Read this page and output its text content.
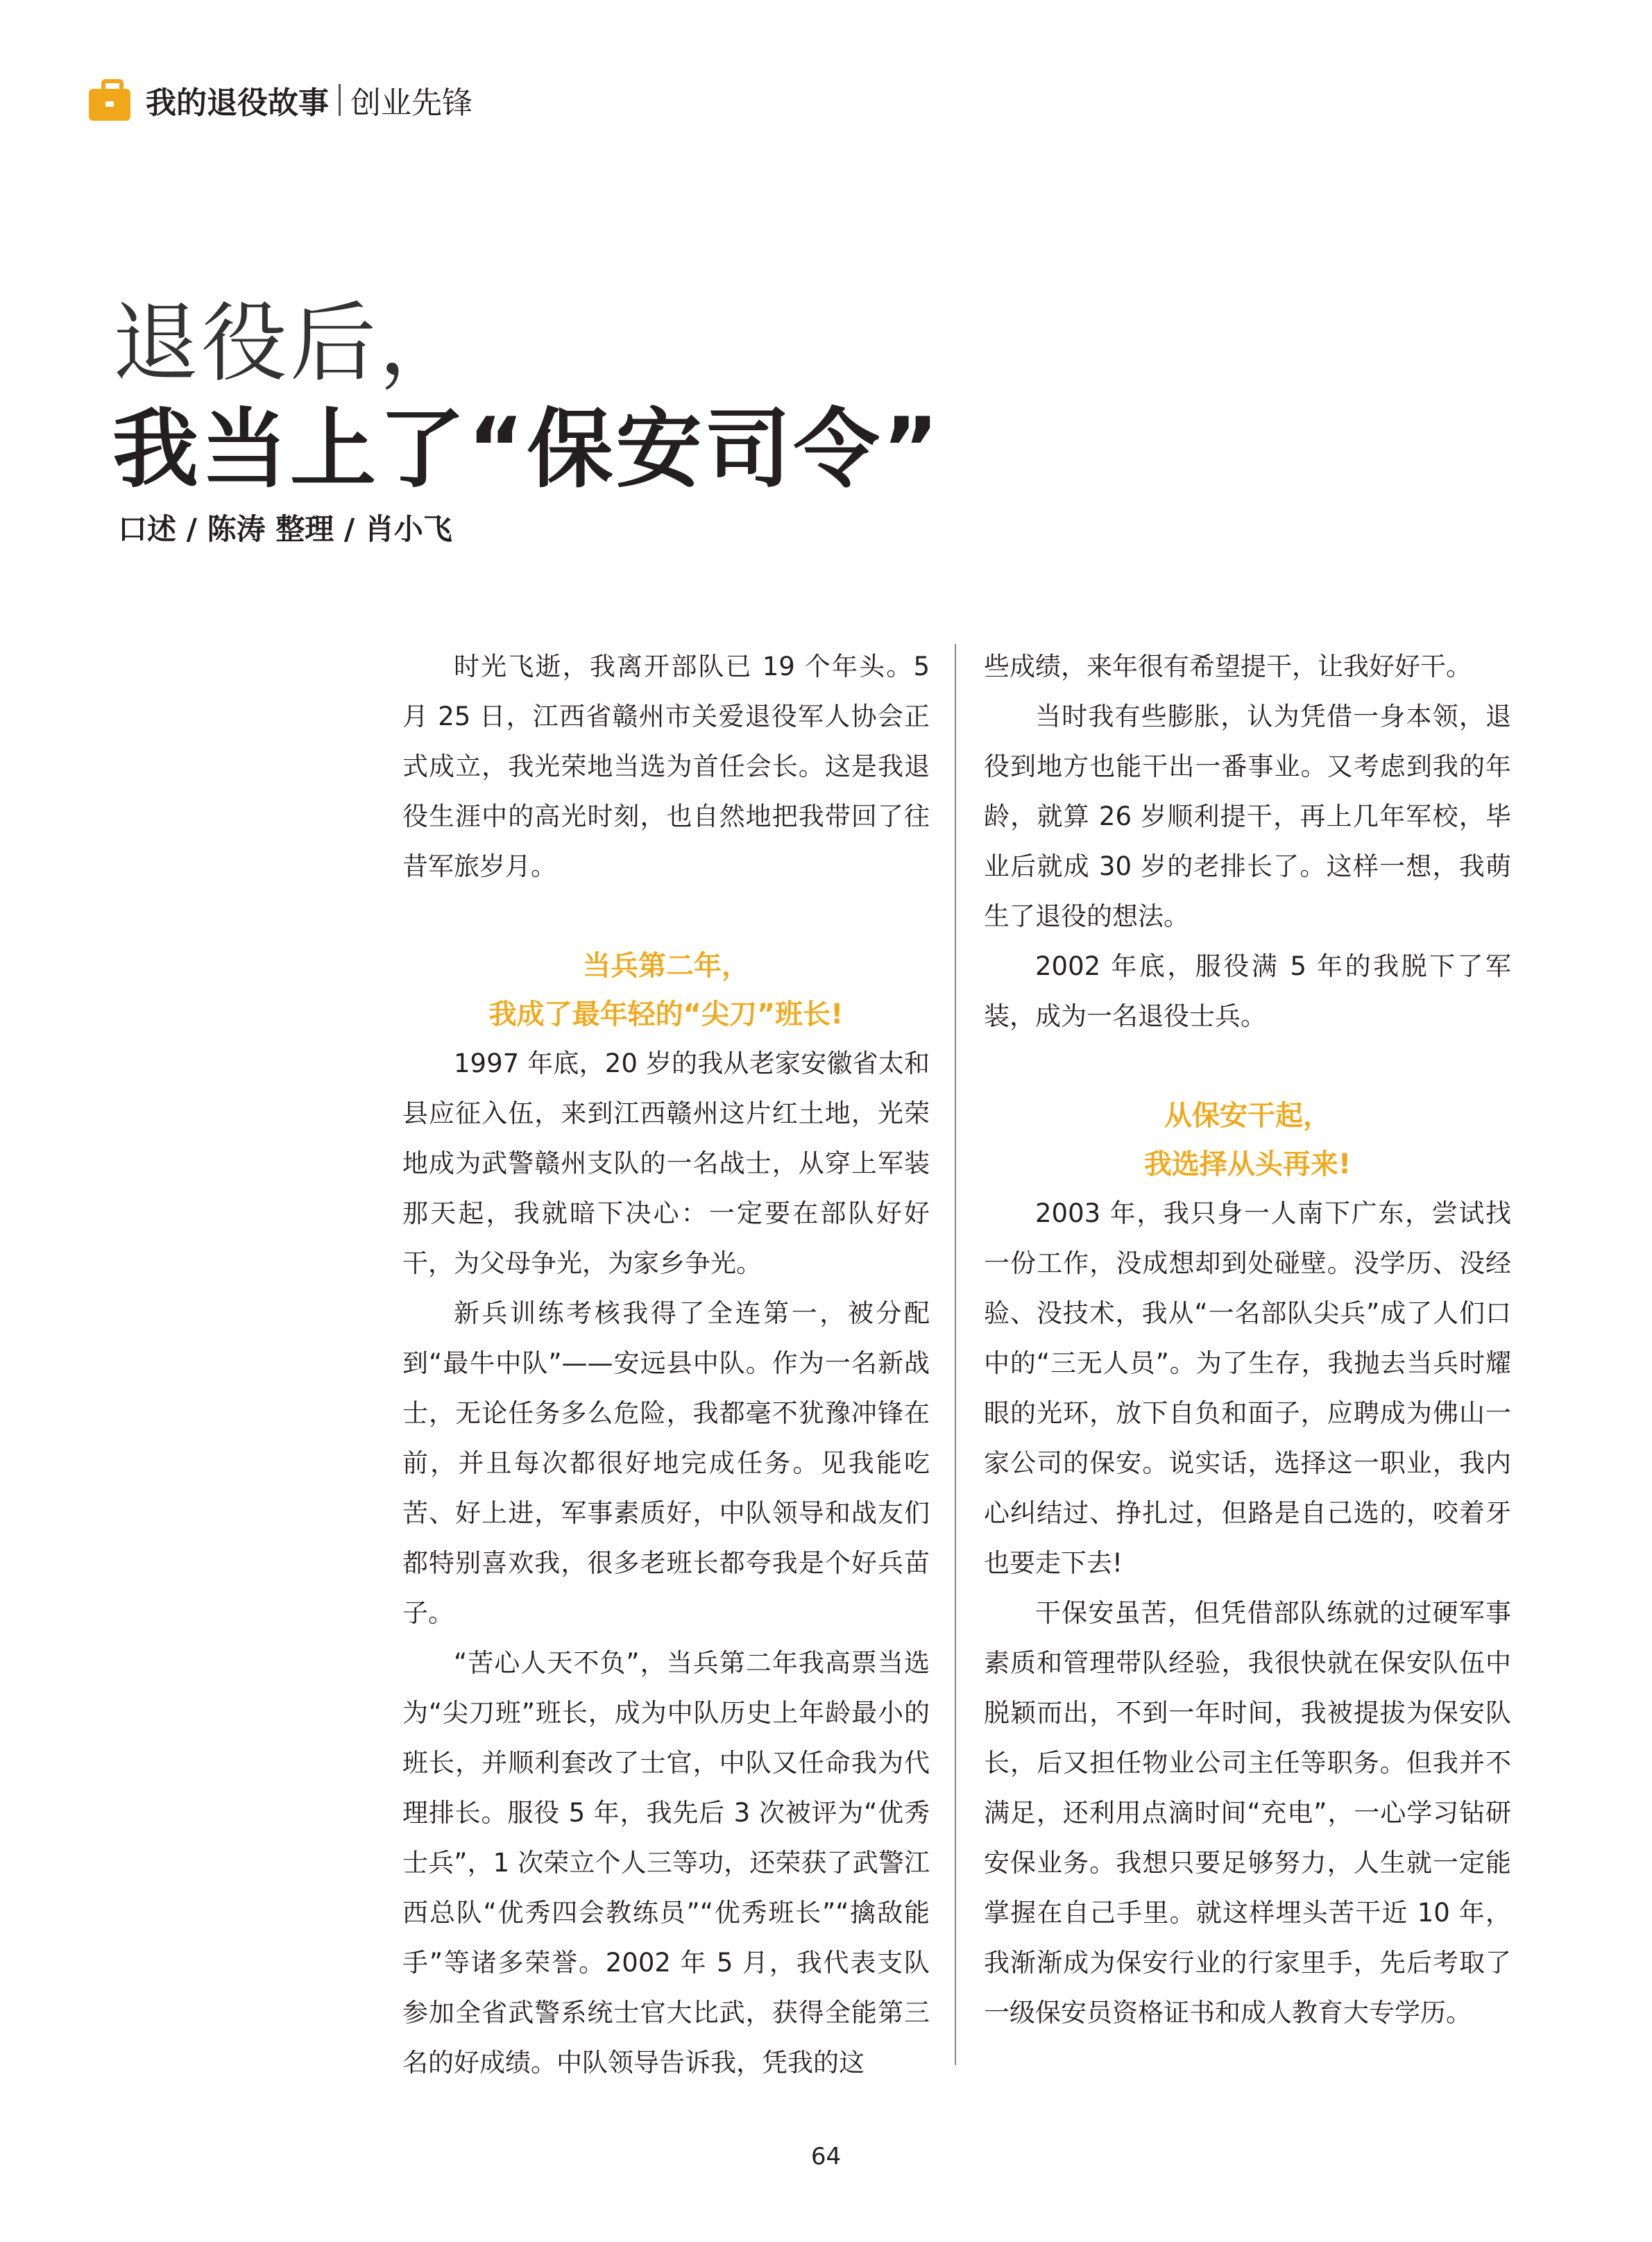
我的退役故事 创业先锋
退役后，
我当上了“保安司令”
口述 / 陈涛 整理 / 肖小飞

时光飞逝，我离开部队已 19 个年头。5 月 25 日，江西省赣州市关爱退役军人协会正式成立，我光荣地当选为首任会长。这是我退役生涯中的高光时刻，也自然地把我带回了往昔军旅岁月。

当兵第二年，
我成了最年轻的“尖刀”班长!

1997 年底，20 岁的我从老家安徽省太和县应征入伍，来到江西赣州这片红土地，光荣地成为武警赣州支队的一名战士，从穿上军装那天起，我就暗下决心：一定要在部队好好干，为父母争光，为家乡争光。

新兵训练考核我得了全连第一，被分配到“最牛中队”——安远县中队。作为一名新战士，无论任务多么危险，我都毫不犹豫冲锋在前，并且每次都很好地完成任务。见我能吃苦、好上进，军事素质好，中队领导和战友们都特别喜欢我，很多老班长都夸我是个好兵苗子。

“苦心人天不负”，当兵第二年我高票当选为“尖刀班”班长，成为中队历史上年龄最小的班长，并顺利套改了士官，中队又任命我为代理排长。服役 5 年，我先后 3 次被评为“优秀士兵”，1 次荣立个人三等功，还荣获了武警江西总队“优秀四会教练员”“优秀班长”“擒敌能手”等诸多荣誉。2002 年 5 月，我代表支队参加全省武警系统士官大比武，获得全能第三名的好成绩。中队领导告诉我，凭我的这

些成绩，来年很有希望提干，让我好好干。

当时我有些膨胀，认为凭借一身本领，退役到地方也能干出一番事业。又考虑到我的年龄，就算 26 岁顺利提干，再上几年军校，毕业后就成 30 岁的老排长了。这样一想，我萌生了退役的想法。

2002 年底，服役满 5 年的我脱下了军装，成为一名退役士兵。

从保安干起，
我选择从头再来!

2003 年，我只身一人南下广东，尝试找一份工作，没成想却到处碰壁。没学历、没经验、没技术，我从“一名部队尖兵”成了人们口中的“三无人员”。为了生存，我抛去当兵时耀眼的光环，放下自负和面子，应聘成为佛山一家公司的保安。说实话，选择这一职业，我内心纠结过、挣扎过，但路是自己选的，咬着牙也要走下去!

干保安虽苦，但凭借部队练就的过硬军事素质和管理带队经验，我很快就在保安队伍中脱颖而出，不到一年时间，我被提拔为保安队长，后又担任物业公司主任等职务。但我并不满足，还利用点滴时间“充电”，一心学习钻研安保业务。我想只要足够努力，人生就一定能掌握在自己手里。就这样埋头苦干近 10 年，我渐渐成为保安行业的行家里手，先后考取了一级保安员资格证书和成人教育大专学历。

64
